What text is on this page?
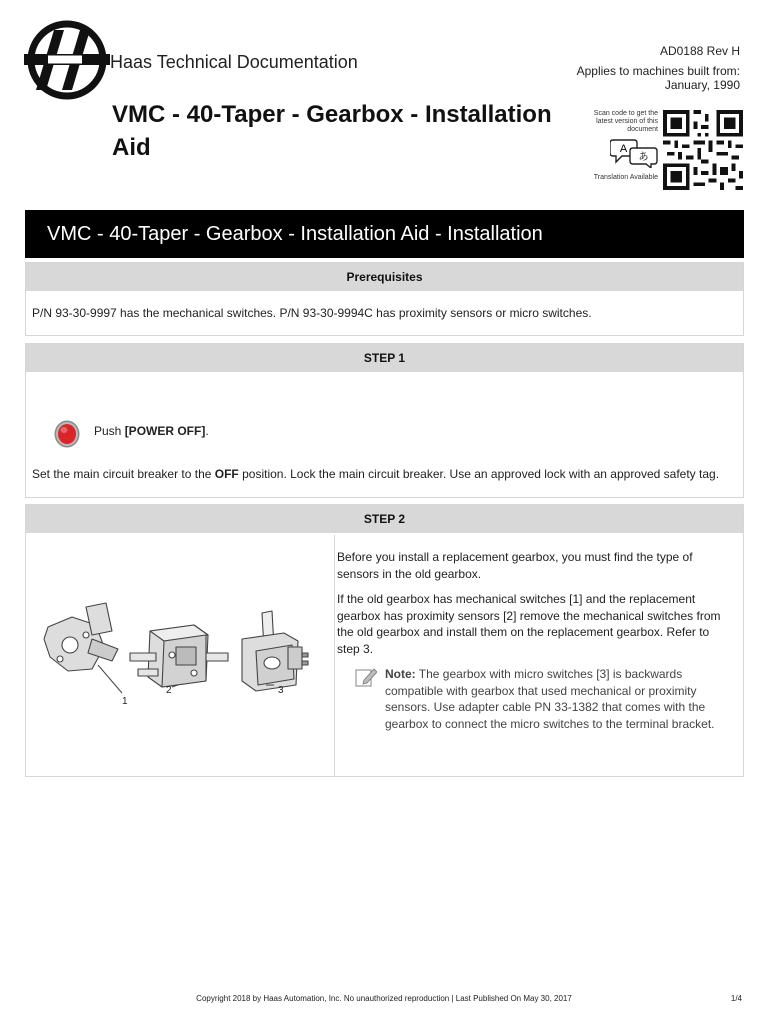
Haas Technical Documentation
AD0188 Rev H
Applies to machines built from:
January, 1990
VMC - 40-Taper - Gearbox - Installation Aid
Scan code to get the latest version of this document
A
あ
Translation Available
VMC - 40-Taper - Gearbox - Installation Aid - Installation
Prerequisites
P/N 93-30-9997 has the mechanical switches. P/N 93-30-9994C has proximity sensors or micro switches.
STEP 1
Push [POWER OFF].
Set the main circuit breaker to the OFF position. Lock the main circuit breaker. Use an approved lock with an approved safety tag.
STEP 2
1
2	3

Before you install a replacement gearbox, you must find the type of sensors in the old gearbox.

If the old gearbox has mechanical switches [1] and the replacement gearbox has proximity sensors [2] remove the mechanical switches from the old gearbox and install them on the replacement gearbox. Refer to step 3.

Note: The gearbox with micro switches [3] is backwards compatible with gearbox that used mechanical or proximity sensors. Use adapter cable PN 33-1382 that comes with the gearbox to connect the micro switches to the terminal bracket.
Copyright 2018 by Haas Automation, Inc. No unauthorized reproduction | Last Published On May 30, 2017	1/4
